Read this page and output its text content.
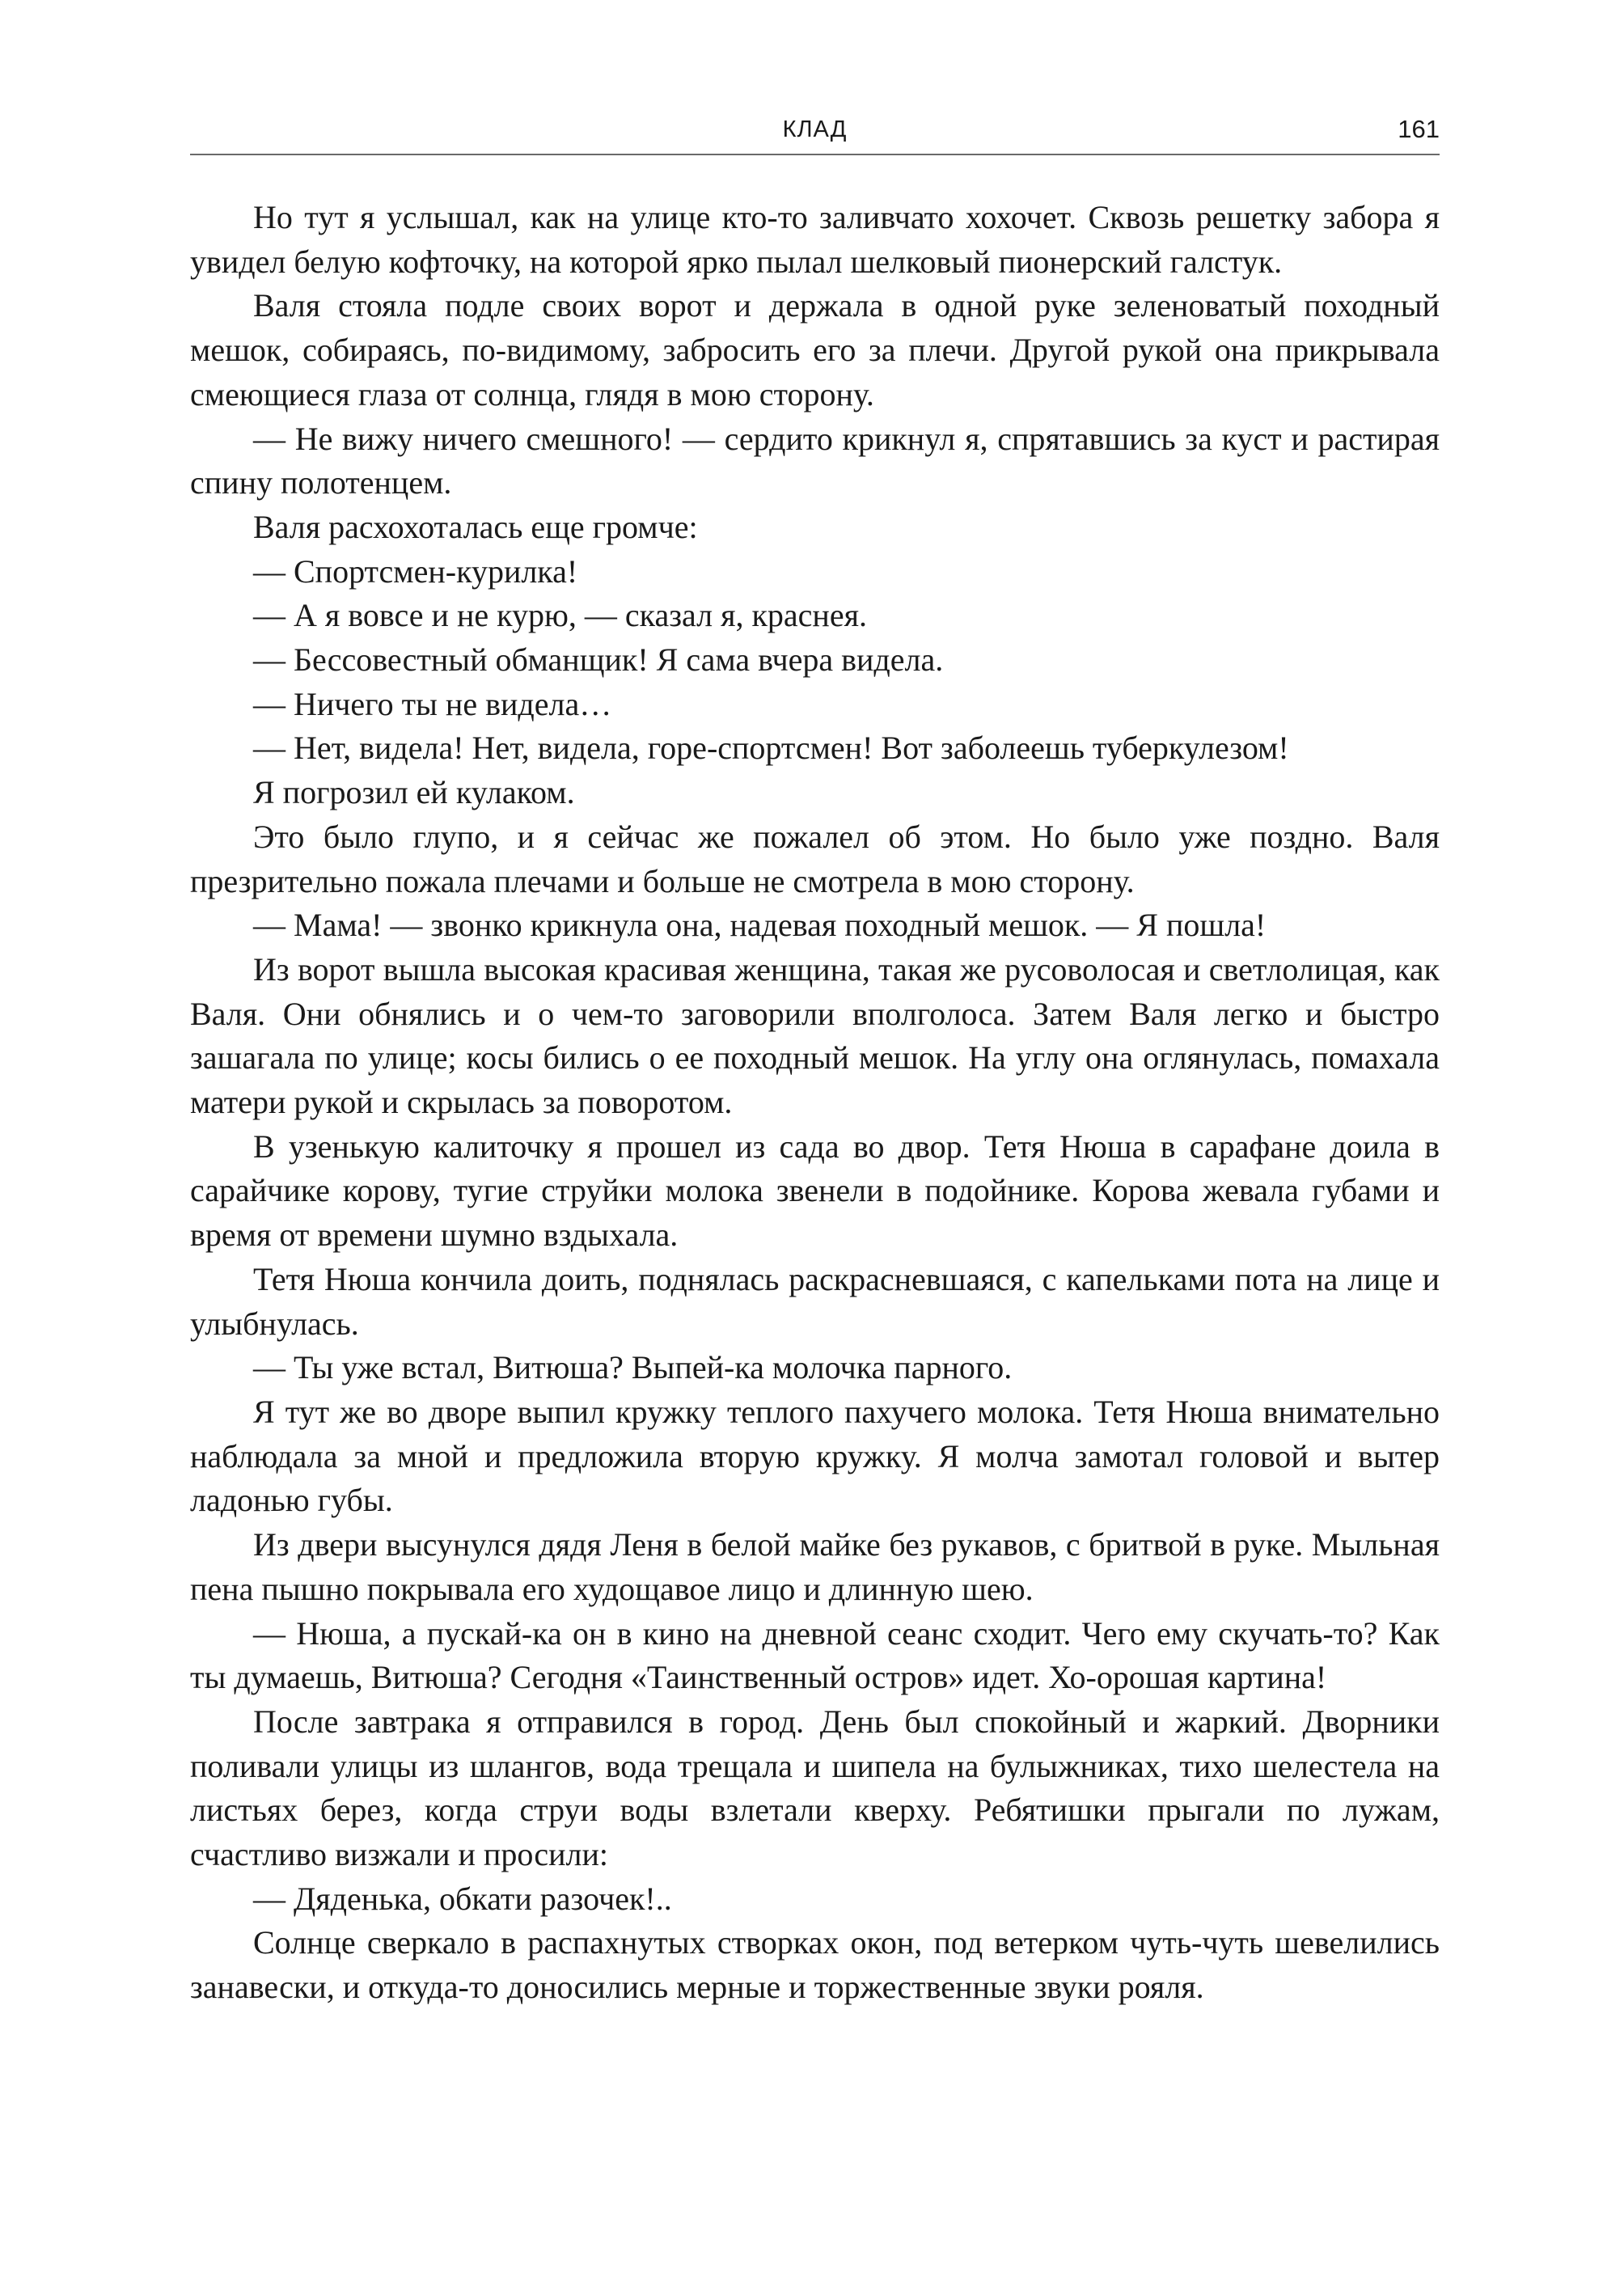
КЛАД	161

Но тут я услышал, как на улице кто-то заливчато хохочет. Сквозь решетку забора я увидел белую кофточку, на которой ярко пылал шелковый пионерский галстук.

Валя стояла подле своих ворот и держала в одной руке зеленоватый походный мешок, собираясь, по-видимому, забросить его за плечи. Другой рукой она прикрывала смеющиеся глаза от солнца, глядя в мою сторону.

— Не вижу ничего смешного! — сердито крикнул я, спрятавшись за куст и растирая спину полотенцем.

Валя расхохоталась еще громче:

— Спортсмен-курилка!

— А я вовсе и не курю, — сказал я, краснея.

— Бессовестный обманщик! Я сама вчера видела.

— Ничего ты не видела…

— Нет, видела! Нет, видела, горе-спортсмен! Вот заболеешь туберкулезом!

Я погрозил ей кулаком.

Это было глупо, и я сейчас же пожалел об этом. Но было уже поздно. Валя презрительно пожала плечами и больше не смотрела в мою сторону.

— Мама! — звонко крикнула она, надевая походный мешок. — Я пошла!

Из ворот вышла высокая красивая женщина, такая же русоволосая и светлолицая, как Валя. Они обнялись и о чем-то заговорили вполголоса. Затем Валя легко и быстро зашагала по улице; косы бились о ее походный мешок. На углу она оглянулась, помахала матери рукой и скрылась за поворотом.

В узенькую калиточку я прошел из сада во двор. Тетя Нюша в сарафане доила в сарайчике корову, тугие струйки молока звенели в подойнике. Корова жевала губами и время от времени шумно вздыхала.

Тетя Нюша кончила доить, поднялась раскрасневшаяся, с капельками пота на лице и улыбнулась.

— Ты уже встал, Витюша? Выпей-ка молочка парного.

Я тут же во дворе выпил кружку теплого пахучего молока. Тетя Нюша внимательно наблюдала за мной и предложила вторую кружку. Я молча замотал головой и вытер ладонью губы.

Из двери высунулся дядя Леня в белой майке без рукавов, с бритвой в руке. Мыльная пена пышно покрывала его худощавое лицо и длинную шею.

— Нюша, а пускай-ка он в кино на дневной сеанс сходит. Чего ему скучать-то? Как ты думаешь, Витюша? Сегодня «Таинственный остров» идет. Хо-орошая картина!

После завтрака я отправился в город. День был спокойный и жаркий. Дворники поливали улицы из шлангов, вода трещала и шипела на булыжниках, тихо шелестела на листьях берез, когда струи воды взлетали кверху. Ребятишки прыгали по лужам, счастливо визжали и просили:

— Дяденька, обкати разочек!..

Солнце сверкало в распахнутых створках окон, под ветерком чуть-чуть шевелились занавески, и откуда-то доносились мерные и торжественные звуки рояля.
